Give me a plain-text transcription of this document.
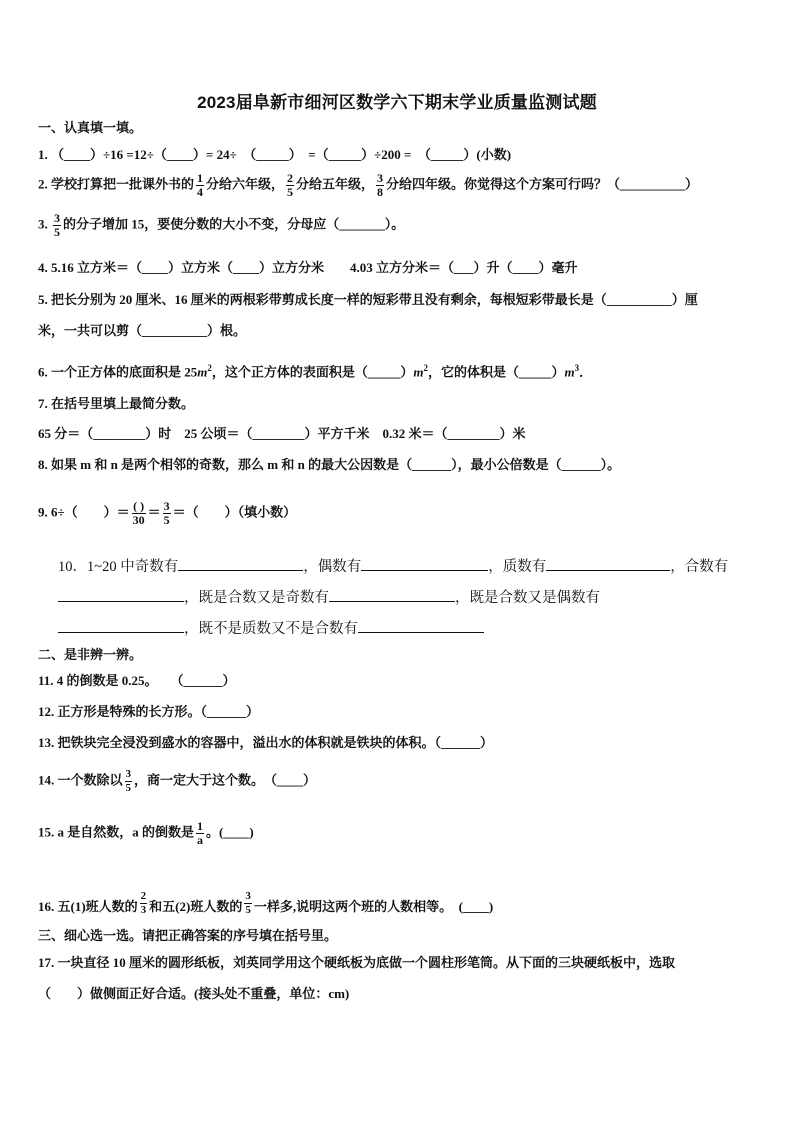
2023届阜新市细河区数学六下期末学业质量监测试题
一、认真填一填。
1. （____）÷16 =12÷（____）= 24÷　（_____）　=（_____）÷200 =　（_____）(小数)
2. 学校打算把一批课外书的 $\frac{1}{4}$ 分给六年级， $\frac{2}{5}$ 分给五年级， $\frac{3}{8}$ 分给四年级。你觉得这个方案可行吗？（__________）
3. $\frac{3}{5}$ 的分子增加 15，要使分数的大小不变，分母应（_______）。
4. 5.16 立方米＝（____）立方米（____）立方分米　　4.03 立方分米＝（___）升（____）毫升
5. 把长分别为 20 厘米、16 厘米的两根彩带剪成长度一样的短彩带且没有剩余，每根短彩带最长是（__________）厘
米，一共可以剪（__________）根。
6. 一个正方体的底面积是 $25m^2$，这个正方体的表面积是$(\_\_\_\_\_)m^2$，它的体积是$(\_\_\_\_\_)m^3$．
7. 在括号里填上最简分数。
65 分＝（________）时　25 公顷＝（________）平方千米　0.32 米＝（________）米
8. 如果 m 和 n 是两个相邻的奇数，那么 m 和 n 的最大公因数是（______），最小公倍数是（______）。
9. 6÷（　　）＝ $\frac{( )}{30} = \frac{3}{5}$ ＝（　　）（填小数）
10．1~20 中奇数有	，偶数有	，质数有	，合数有
，既是合数又是奇数有	，既是合数又是偶数有
，既不是质数又不是合数有
二、是非辨一辨。
11. 4 的倒数是 0.25。　　（______）
12. 正方形是特殊的长方形。（______）
13. 把铁块完全浸没到盛水的容器中，溢出水的体积就是铁块的体积。（______）
14. 一个数除以 $\frac{3}{5}$ ，商一定大于这个数。　（____）
15. a 是自然数，a 的倒数是 $\frac{1}{a}$ 。(____)
16. 五(1)班人数的 $\frac{2}{3}$ 和五(2)班人数的 $\frac{3}{5}$ 一样多,说明这两个班的人数相等。　(____)
三、细心选一选。请把正确答案的序号填在括号里。
17. 一块直径 10 厘米的圆形纸板，刘英同学用这个硬纸板为底做一个圆柱形笔筒。从下面的三块硬纸板中，选取
（　　）做侧面正好合适。(接头处不重叠，单位：cm)
